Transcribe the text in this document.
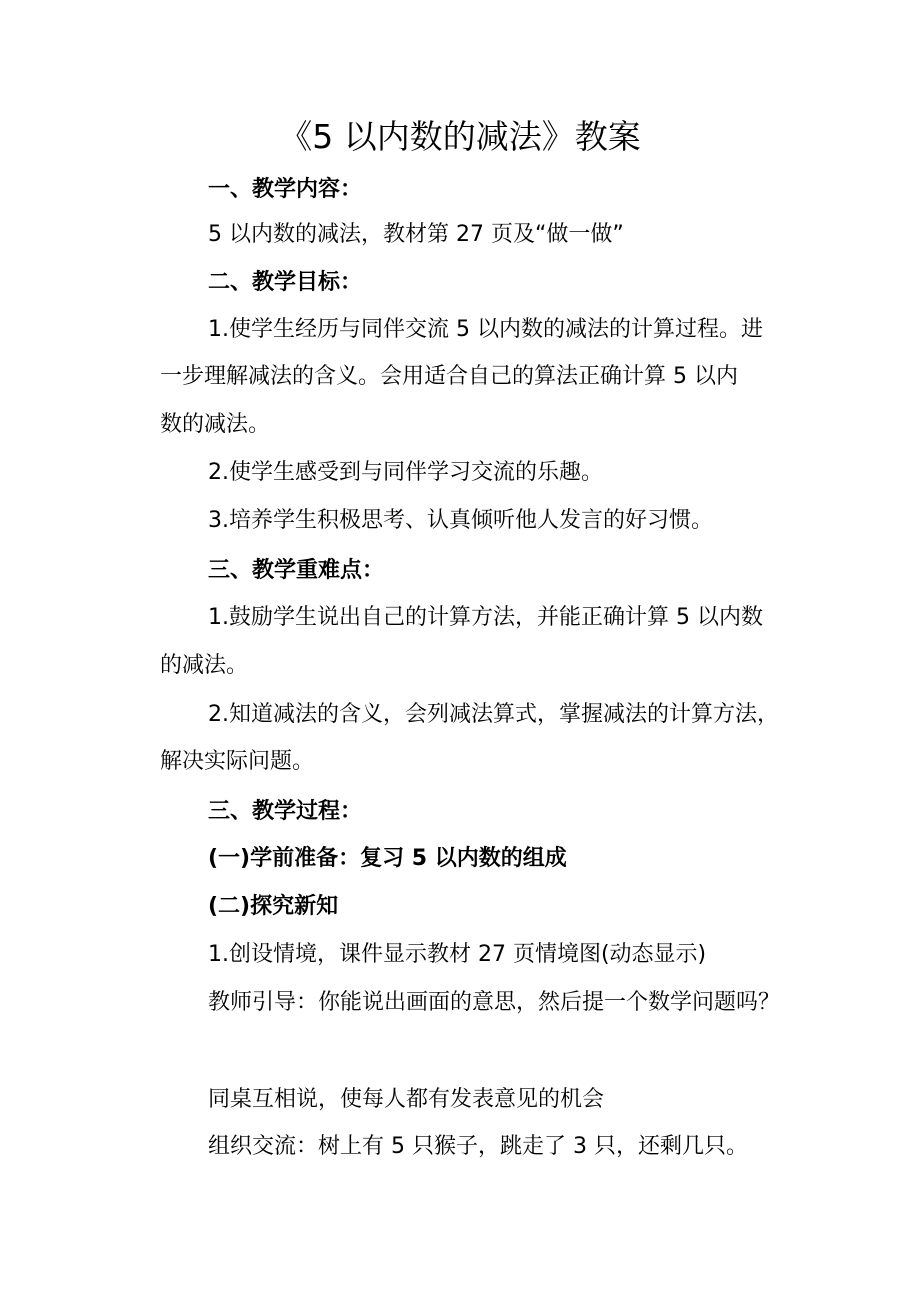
《5 以内数的减法》教案
一、教学内容：
5 以内数的减法，教材第 27 页及“做一做”
二、教学目标：
1.使学生经历与同伴交流 5 以内数的减法的计算过程。进
一步理解减法的含义。会用适合自己的算法正确计算 5 以内
数的减法。
2.使学生感受到与同伴学习交流的乐趣。
3.培养学生积极思考、认真倾听他人发言的好习惯。
三、教学重难点：
1.鼓励学生说出自己的计算方法，并能正确计算 5 以内数
的减法。
2.知道减法的含义，会列减法算式，掌握减法的计算方法，
解决实际问题。
三、教学过程：
(一)学前准备：复习 5 以内数的组成
(二)探究新知
1.创设情境，课件显示教材 27 页情境图(动态显示)
教师引导：你能说出画面的意思，然后提一个数学问题吗？
同桌互相说，使每人都有发表意见的机会
组织交流：树上有 5 只猴子，跳走了 3 只，还剩几只。
